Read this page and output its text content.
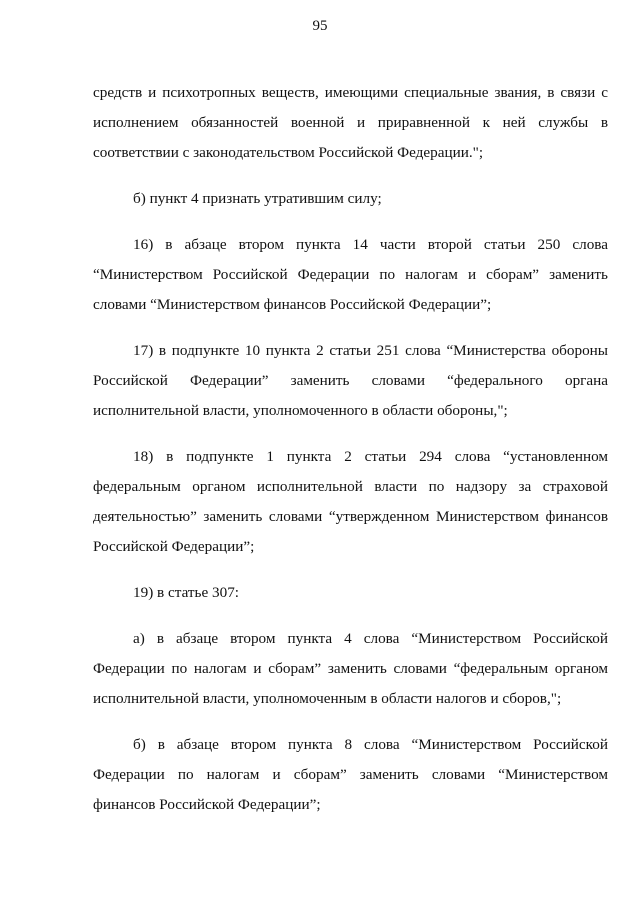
95
средств и психотропных веществ, имеющими специальные звания, в связи с
исполнением обязанностей военной и приравненной к ней службы в
соответствии с законодательством Российской Федерации.";
б) пункт 4 признать утратившим силу;
16) в абзаце втором пункта 14 части второй статьи 250 слова
“Министерством Российской Федерации по налогам и сборам” заменить
словами “Министерством финансов Российской Федерации”;
17) в подпункте 10 пункта 2 статьи 251 слова “Министерства обороны
Российской Федерации” заменить словами “федерального органа
исполнительной власти, уполномоченного в области обороны,";
18) в подпункте 1 пункта 2 статьи 294 слова “установленном
федеральным органом исполнительной власти по надзору за страховой
деятельностью” заменить словами “утвержденном Министерством финансов
Российской Федерации”;
19) в статье 307:
а) в абзаце втором пункта 4 слова “Министерством Российской
Федерации по налогам и сборам” заменить словами “федеральным органом
исполнительной власти, уполномоченным в области налогов и сборов,";
б) в абзаце втором пункта 8 слова “Министерством Российской
Федерации по налогам и сборам” заменить словами “Министерством
финансов Российской Федерации”;
